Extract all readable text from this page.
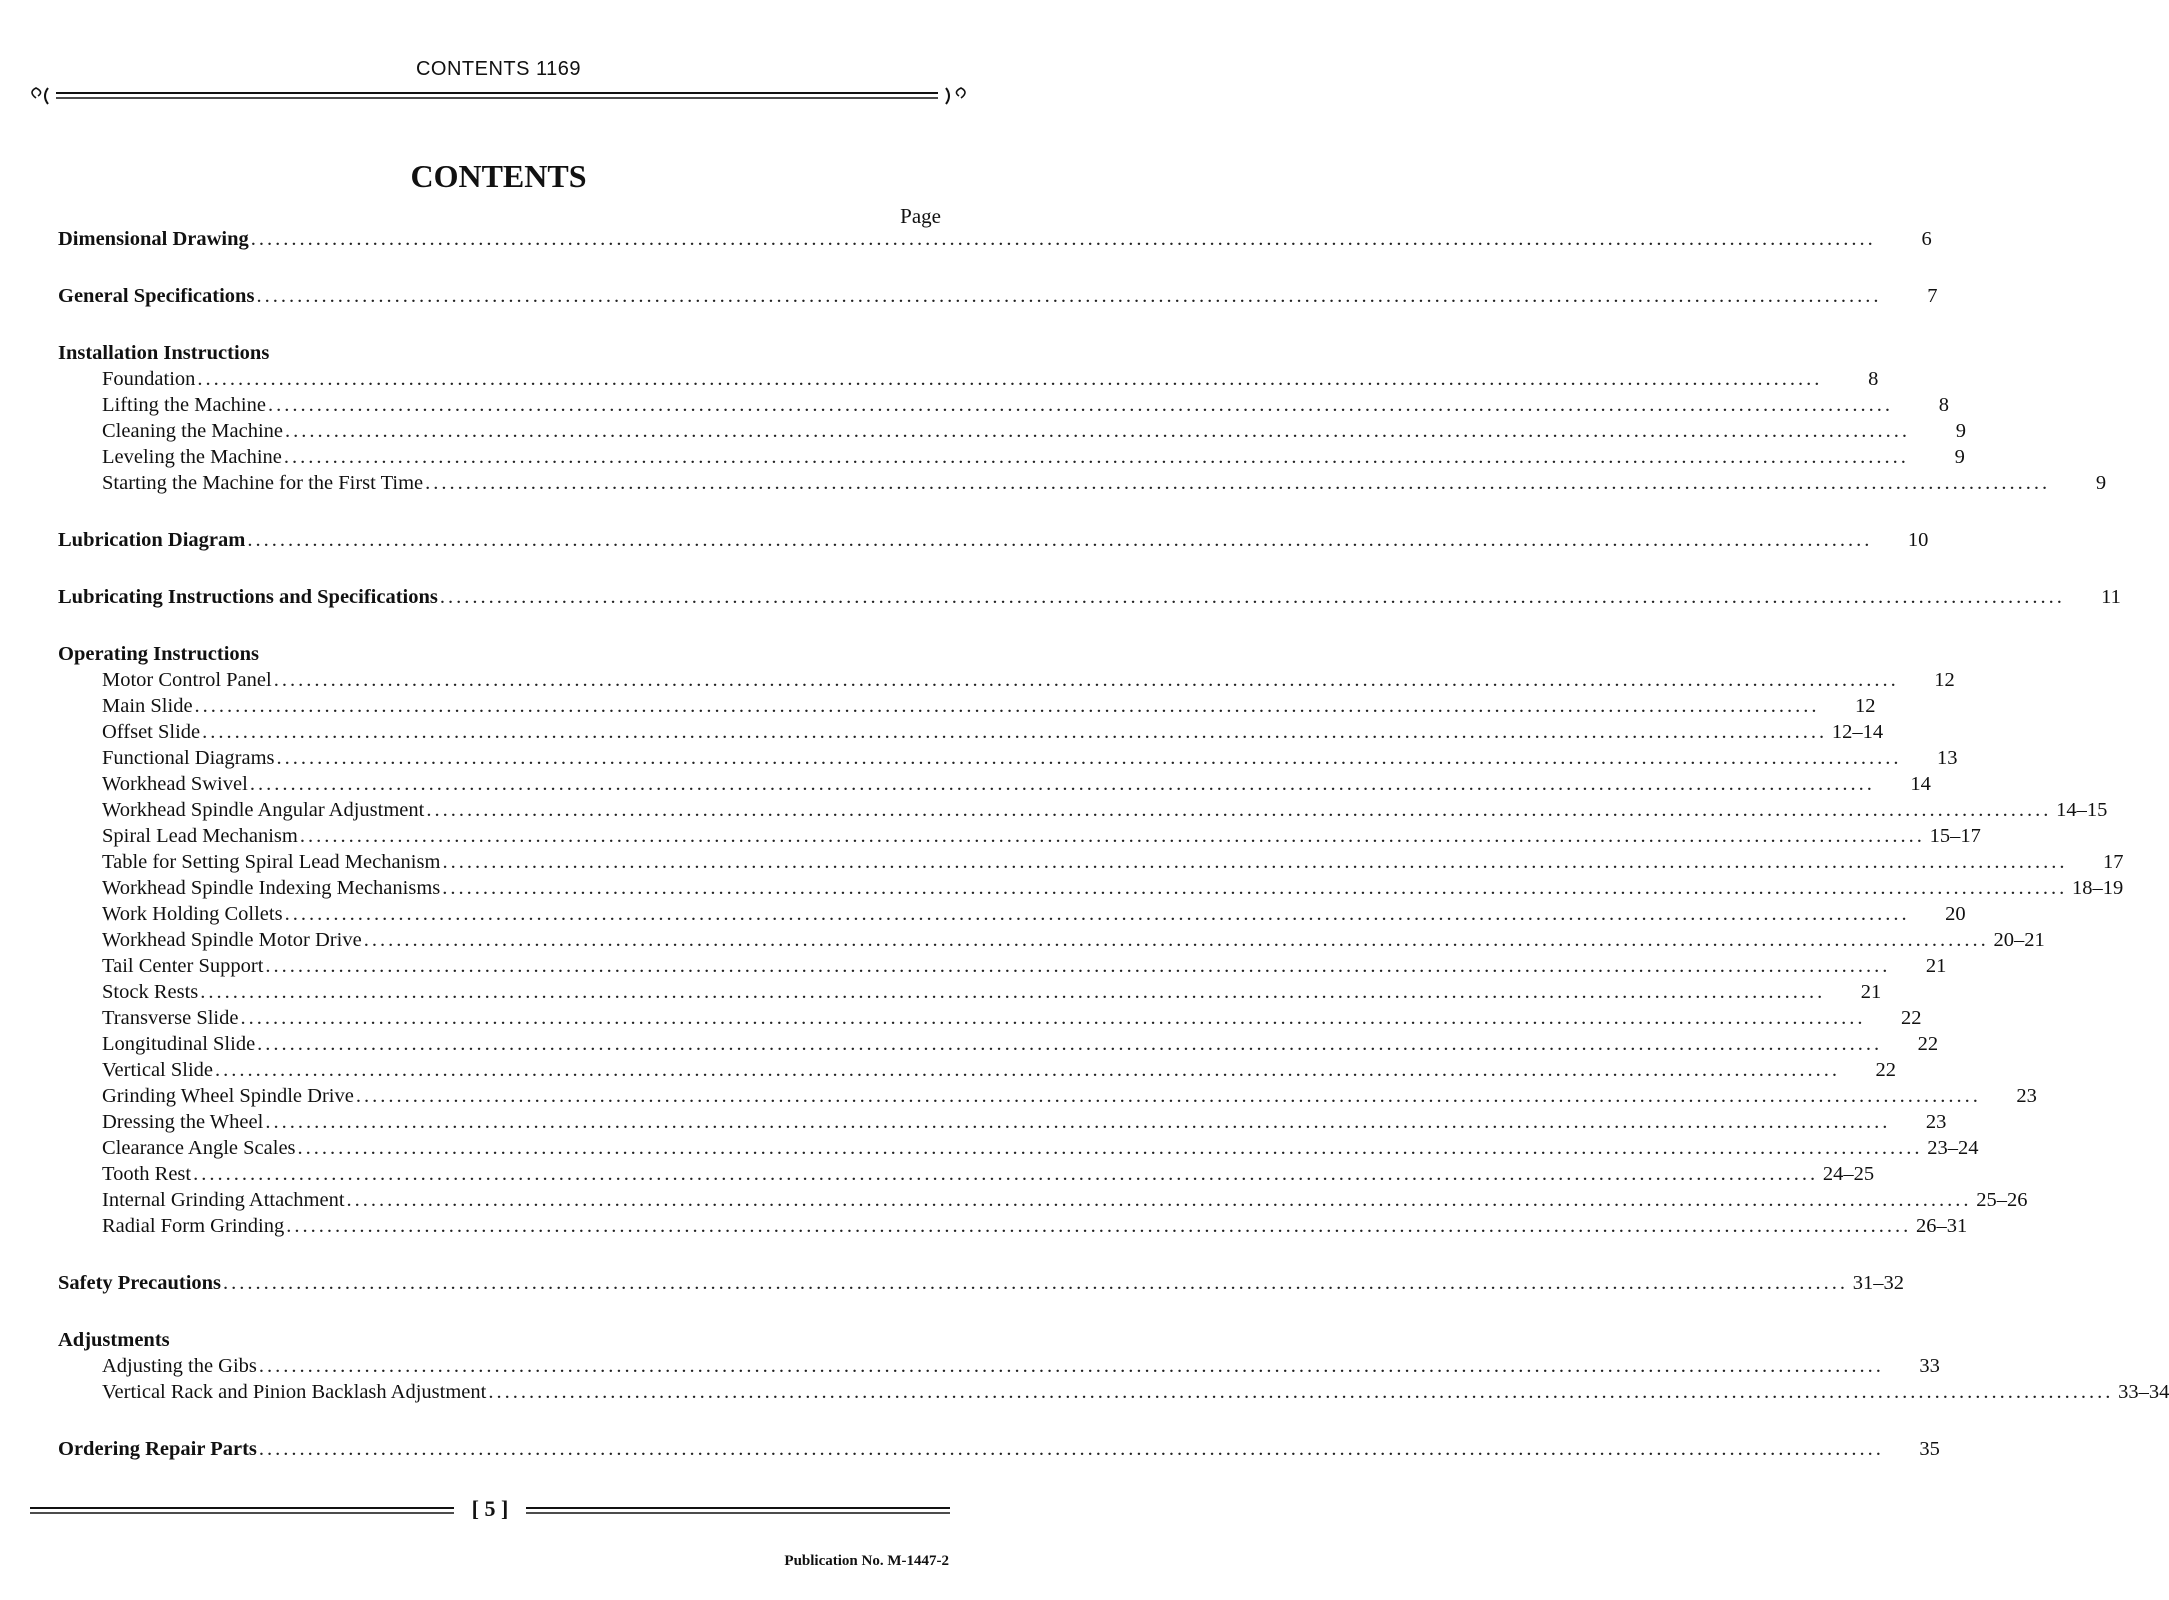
CONTENTS 1169
CONTENTS
Page
Dimensional Drawing ........................................................................................................................................................................................................	6
General Specifications ........................................................................................................................................................................................................	7
Installation Instructions
Foundation ........................................................................................................................................................................................................	8
Lifting the Machine ........................................................................................................................................................................................................	8
Cleaning the Machine ........................................................................................................................................................................................................	9
Leveling the Machine ........................................................................................................................................................................................................	9
Starting the Machine for the First Time ........................................................................................................................................................................................................	9
Lubrication Diagram ........................................................................................................................................................................................................	10
Lubricating Instructions and Specifications ........................................................................................................................................................................................................	11
Operating Instructions
Motor Control Panel ........................................................................................................................................................................................................	12
Main Slide ........................................................................................................................................................................................................	12
Offset Slide ........................................................................................................................................................................................................ 12–14
Functional Diagrams ........................................................................................................................................................................................................	13
Workhead Swivel ........................................................................................................................................................................................................	14
Workhead Spindle Angular Adjustment ........................................................................................................................................................................................................ 14–15
Spiral Lead Mechanism ........................................................................................................................................................................................................ 15–17
Table for Setting Spiral Lead Mechanism ........................................................................................................................................................................................................	17
Workhead Spindle Indexing Mechanisms ........................................................................................................................................................................................................ 18–19
Work Holding Collets ........................................................................................................................................................................................................	20
Workhead Spindle Motor Drive ........................................................................................................................................................................................................ 20–21
Tail Center Support ........................................................................................................................................................................................................	21
Stock Rests ........................................................................................................................................................................................................	21
Transverse Slide ........................................................................................................................................................................................................	22
Longitudinal Slide ........................................................................................................................................................................................................	22
Vertical Slide ........................................................................................................................................................................................................	22
Grinding Wheel Spindle Drive ........................................................................................................................................................................................................	23
Dressing the Wheel ........................................................................................................................................................................................................	23
Clearance Angle Scales ........................................................................................................................................................................................................ 23–24
Tooth Rest ........................................................................................................................................................................................................ 24–25
Internal Grinding Attachment ........................................................................................................................................................................................................ 25–26
Radial Form Grinding ........................................................................................................................................................................................................ 26–31
Safety Precautions ........................................................................................................................................................................................................ 31–32
Adjustments
Adjusting the Gibs ........................................................................................................................................................................................................	33
Vertical Rack and Pinion Backlash Adjustment ........................................................................................................................................................................................................ 33–34
Ordering Repair Parts ........................................................................................................................................................................................................	35
[ 5 ]
Publication No. M-1447-2
